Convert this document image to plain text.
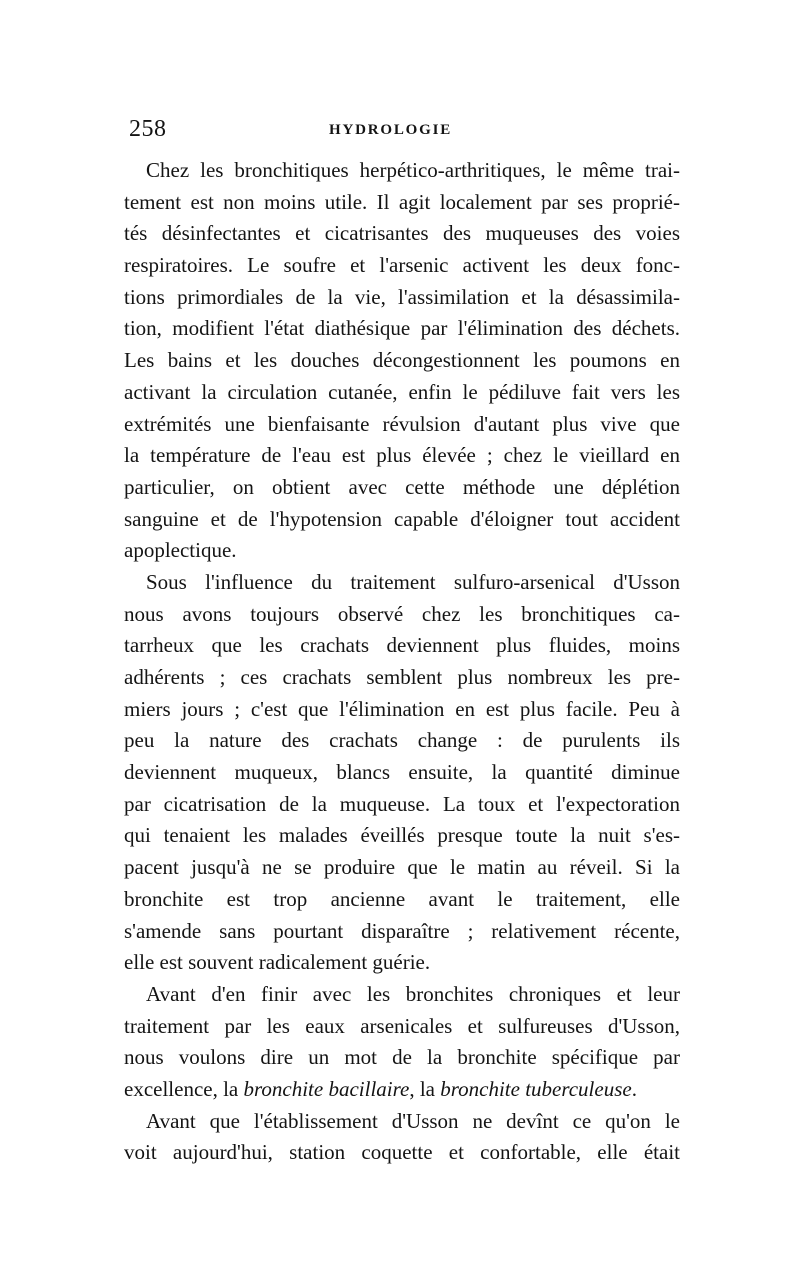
258	HYDROLOGIE
Chez les bronchitiques herpético-arthritiques, le même trai-
tement est non moins utile. Il agit localement par ses proprié-
tés désinfectantes et cicatrisantes des muqueuses des voies
respiratoires. Le soufre et l'arsenic activent les deux fonc-
tions primordiales de la vie, l'assimilation et la désassimila-
tion, modifient l'état diathésique par l'élimination des déchets.
Les bains et les douches décongestionnent les poumons en
activant la circulation cutanée, enfin le pédiluve fait vers les
extrémités une bienfaisante révulsion d'autant plus vive que
la température de l'eau est plus élevée ; chez le vieillard en
particulier, on obtient avec cette méthode une déplétion
sanguine et de l'hypotension capable d'éloigner tout accident
apoplectique.
Sous l'influence du traitement sulfuro-arsenical d'Usson
nous avons toujours observé chez les bronchitiques ca-
tarrheux que les crachats deviennent plus fluides, moins
adhérents ; ces crachats semblent plus nombreux les pre-
miers jours ; c'est que l'élimination en est plus facile. Peu à
peu la nature des crachats change : de purulents ils
deviennent muqueux, blancs ensuite, la quantité diminue
par cicatrisation de la muqueuse. La toux et l'expectoration
qui tenaient les malades éveillés presque toute la nuit s'es-
pacent jusqu'à ne se produire que le matin au réveil. Si la
bronchite est trop ancienne avant le traitement, elle
s'amende sans pourtant disparaître ; relativement récente,
elle est souvent radicalement guérie.
Avant d'en finir avec les bronchites chroniques et leur
traitement par les eaux arsenicales et sulfureuses d'Usson,
nous voulons dire un mot de la bronchite spécifique par
excellence, la bronchite bacillaire, la bronchite tuberculeuse.
Avant que l'établissement d'Usson ne devînt ce qu'on le
voit aujourd'hui, station coquette et confortable, elle était
